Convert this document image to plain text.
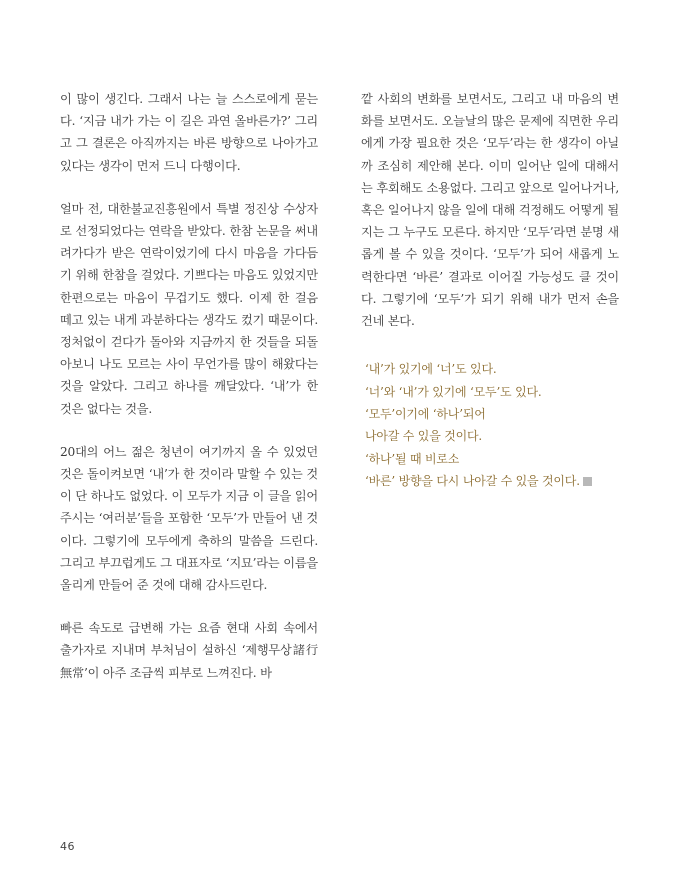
이 많이 생긴다. 그래서 나는 늘 스스로에게 묻는다. ‘지금 내가 가는 이 길은 과연 올바른가?’ 그리고 그 결론은 아직까지는 바른 방향으로 나아가고 있다는 생각이 먼저 드니 다행이다.

얼마 전, 대한불교진흥원에서 특별 정진상 수상자로 선정되었다는 연락을 받았다. 한참 논문을 써내려가다가 받은 연락이었기에 다시 마음을 가다듬기 위해 한참을 걸었다. 기쁘다는 마음도 있었지만 한편으로는 마음이 무겁기도 했다. 이제 한 걸음 떼고 있는 내게 과분하다는 생각도 컸기 때문이다. 정처없이 걷다가 돌아와 지금까지 한 것들을 되돌아보니 나도 모르는 사이 무언가를 많이 해왔다는 것을 알았다. 그리고 하나를 깨달았다. ‘내’가 한 것은 없다는 것을.

20대의 어느 젊은 청년이 여기까지 올 수 있었던 것은 돌이켜보면 ‘내’가 한 것이라 말할 수 있는 것이 단 하나도 없었다. 이 모두가 지금 이 글을 읽어 주시는 ‘여러분’들을 포함한 ‘모두’가 만들어 낸 것이다. 그렇기에 모두에게 축하의 말씀을 드린다. 그리고 부끄럽게도 그 대표자로 ‘지묘’라는 이름을 올리게 만들어 준 것에 대해 감사드린다.

빠른 속도로 급변해 가는 요즘 현대 사회 속에서 출가자로 지내며 부처님이 설하신 ‘제행무상諸行無常’이 아주 조금씩 피부로 느껴진다. 바

깥 사회의 변화를 보면서도, 그리고 내 마음의 변화를 보면서도. 오늘날의 많은 문제에 직면한 우리에게 가장 필요한 것은 ‘모두’라는 한 생각이 아닐까 조심히 제안해 본다. 이미 일어난 일에 대해서는 후회해도 소용없다. 그리고 앞으로 일어나거나, 혹은 일어나지 않을 일에 대해 걱정해도 어떻게 될지는 그 누구도 모른다. 하지만 ‘모두’라면 분명 새롭게 볼 수 있을 것이다. ‘모두’가 되어 새롭게 노력한다면 ‘바른’ 결과로 이어질 가능성도 클 것이다. 그렇기에 ‘모두’가 되기 위해 내가 먼저 손을 건네 본다.

‘내’가 있기에 ‘너’도 있다.
‘너’와 ‘내’가 있기에 ‘모두’도 있다.
‘모두’이기에 ‘하나’되어
나아갈 수 있을 것이다.
‘하나’될 때 비로소
‘바른’ 방향을 다시 나아갈 수 있을 것이다.
46
